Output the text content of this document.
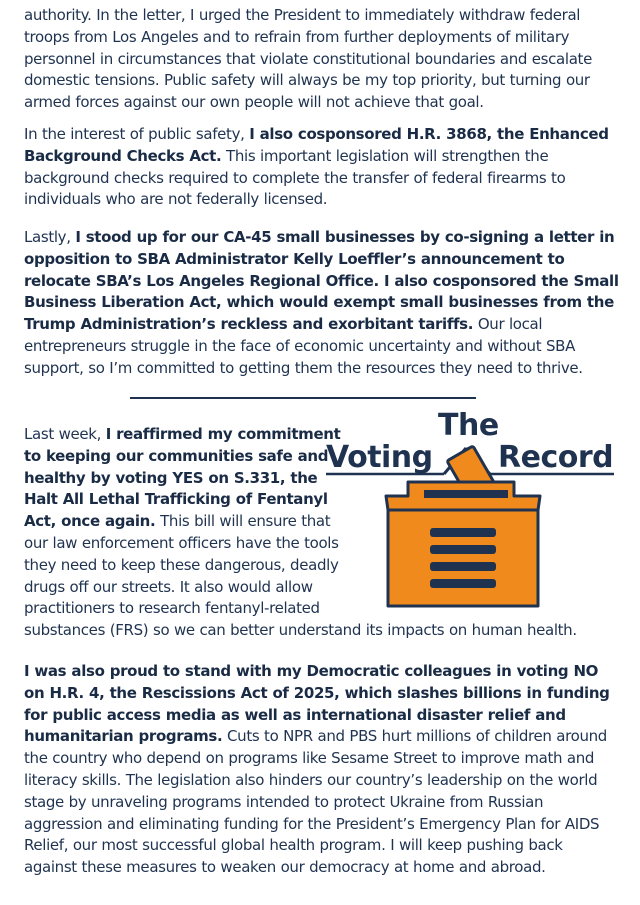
authority. In the letter, I urged the President to immediately withdraw federal troops from Los Angeles and to refrain from further deployments of military personnel in circumstances that violate constitutional boundaries and escalate domestic tensions. Public safety will always be my top priority, but turning our armed forces against our own people will not achieve that goal.

In the interest of public safety, I also cosponsored H.R. 3868, the Enhanced Background Checks Act. This important legislation will strengthen the background checks required to complete the transfer of federal firearms to individuals who are not federally licensed.

Lastly, I stood up for our CA-45 small businesses by co-signing a letter in opposition to SBA Administrator Kelly Loeffler’s announcement to relocate SBA’s Los Angeles Regional Office. I also cosponsored the Small Business Liberation Act, which would exempt small businesses from the Trump Administration’s reckless and exorbitant tariffs. Our local entrepreneurs struggle in the face of economic uncertainty and without SBA support, so I’m committed to getting them the resources they need to thrive.

Last week, I reaffirmed my commitment to keeping our communities safe and healthy by voting YES on S.331, the Halt All Lethal Trafficking of Fentanyl Act, once again. This bill will ensure that our law enforcement officers have the tools they need to keep these dangerous, deadly drugs off our streets. It also would allow practitioners to research fentanyl-related substances (FRS) so we can better understand its impacts on human health.

The
Voting Record

I was also proud to stand with my Democratic colleagues in voting NO on H.R. 4, the Rescissions Act of 2025, which slashes billions in funding for public access media as well as international disaster relief and humanitarian programs. Cuts to NPR and PBS hurt millions of children around the country who depend on programs like Sesame Street to improve math and literacy skills. The legislation also hinders our country’s leadership on the world stage by unraveling programs intended to protect Ukraine from Russian aggression and eliminating funding for the President’s Emergency Plan for AIDS Relief, our most successful global health program. I will keep pushing back against these measures to weaken our democracy at home and abroad.
